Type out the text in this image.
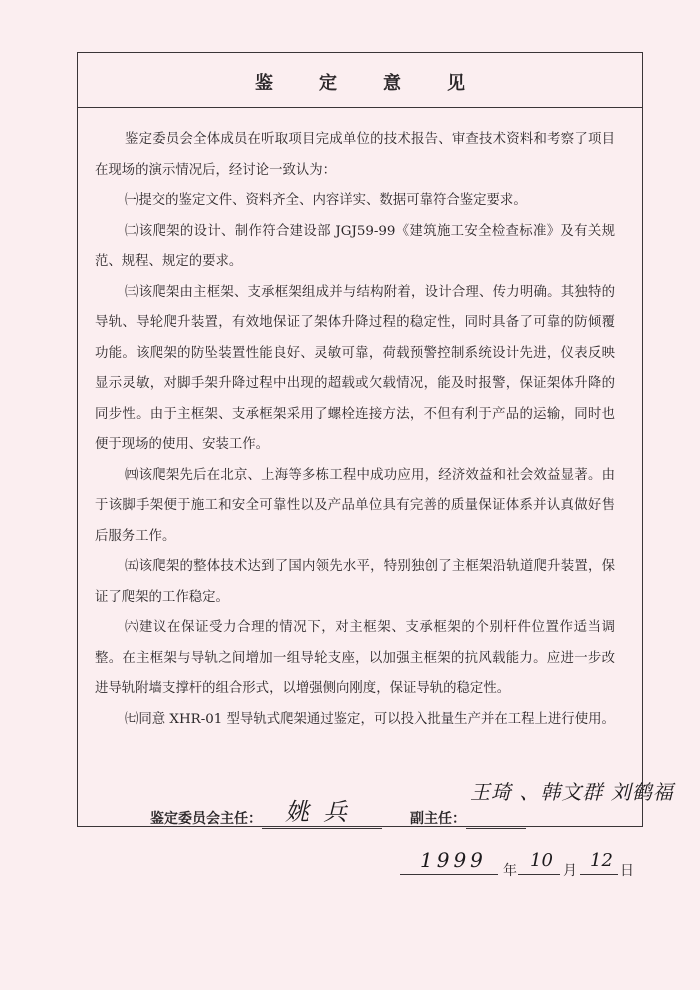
鉴定意见

鉴定委员会全体成员在听取项目完成单位的技术报告、审查技术资料和考察了项目在现场的演示情况后，经讨论一致认为：

㈠提交的鉴定文件、资料齐全、内容详实、数据可靠符合鉴定要求。

㈡该爬架的设计、制作符合建设部 JGJ59-99《建筑施工安全检查标准》及有关规范、规程、规定的要求。

㈢该爬架由主框架、支承框架组成并与结构附着，设计合理、传力明确。其独特的导轨、导轮爬升装置，有效地保证了架体升降过程的稳定性，同时具备了可靠的防倾覆功能。该爬架的防坠装置性能良好、灵敏可靠，荷载预警控制系统设计先进，仪表反映显示灵敏，对脚手架升降过程中出现的超载或欠载情况，能及时报警，保证架体升降的同步性。由于主框架、支承框架采用了螺栓连接方法，不但有利于产品的运输，同时也便于现场的使用、安装工作。

㈣该爬架先后在北京、上海等多栋工程中成功应用，经济效益和社会效益显著。由于该脚手架便于施工和安全可靠性以及产品单位具有完善的质量保证体系并认真做好售后服务工作。

㈤该爬架的整体技术达到了国内领先水平，特别独创了主框架沿轨道爬升装置，保证了爬架的工作稳定。

㈥建议在保证受力合理的情况下，对主框架、支承框架的个别杆件位置作适当调整。在主框架与导轨之间增加一组导轮支座，以加强主框架的抗风载能力。应进一步改进导轨附墙支撑杆的组合形式，以增强侧向刚度，保证导轨的稳定性。

㈦同意 XHR-01 型导轨式爬架通过鉴定，可以投入批量生产并在工程上进行使用。

鉴定委员会主任： 姚兵	副主任：
王琦 、韩文群 刘鹤福
1999 年 10 月 12 日
